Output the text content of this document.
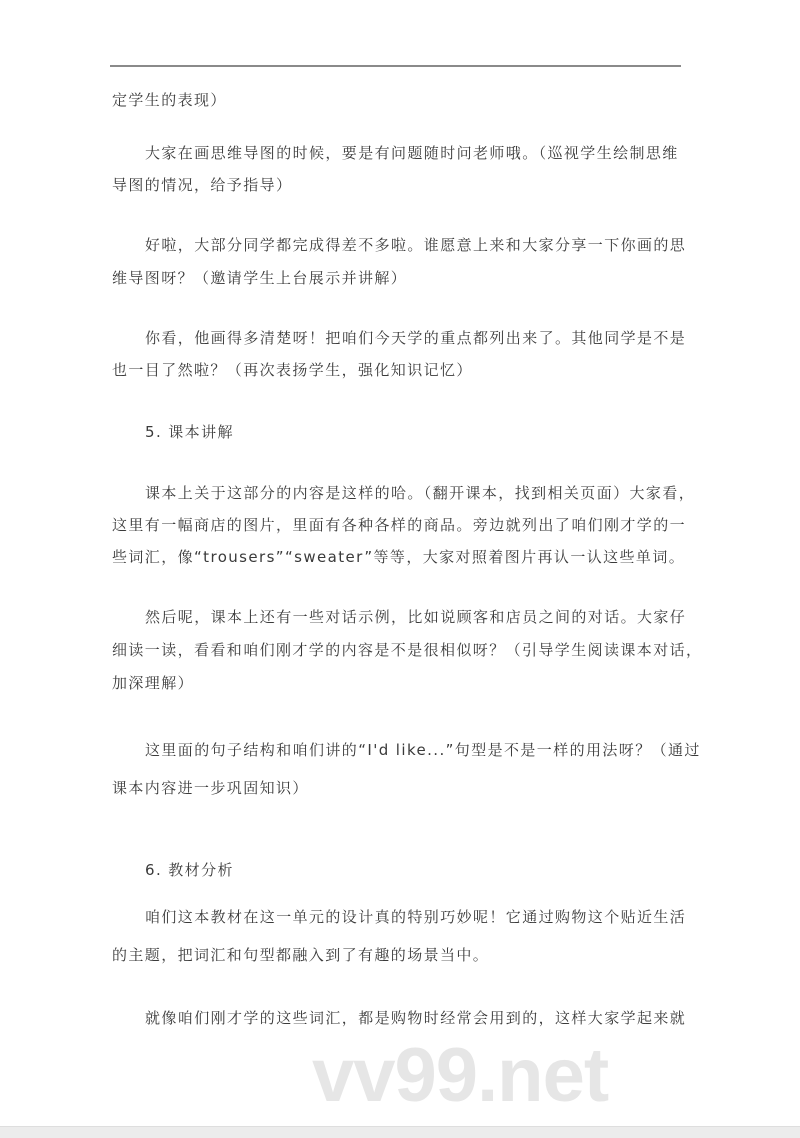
定学生的表现）
大家在画思维导图的时候，要是有问题随时问老师哦。（巡视学生绘制思维
导图的情况，给予指导）
好啦，大部分同学都完成得差不多啦。谁愿意上来和大家分享一下你画的思
维导图呀？（邀请学生上台展示并讲解）
你看，他画得多清楚呀！把咱们今天学的重点都列出来了。其他同学是不是
也一目了然啦？（再次表扬学生，强化知识记忆）
5. 课本讲解
课本上关于这部分的内容是这样的哈。（翻开课本，找到相关页面）大家看，
这里有一幅商店的图片，里面有各种各样的商品。旁边就列出了咱们刚才学的一
些词汇，像“trousers”“sweater”等等，大家对照着图片再认一认这些单词。
然后呢，课本上还有一些对话示例，比如说顾客和店员之间的对话。大家仔
细读一读，看看和咱们刚才学的内容是不是很相似呀？（引导学生阅读课本对话，
加深理解）
这里面的句子结构和咱们讲的“I'd like...”句型是不是一样的用法呀？（通过
课本内容进一步巩固知识）
6. 教材分析
咱们这本教材在这一单元的设计真的特别巧妙呢！它通过购物这个贴近生活
的主题，把词汇和句型都融入到了有趣的场景当中。
就像咱们刚才学的这些词汇，都是购物时经常会用到的，这样大家学起来就
vv99.net
